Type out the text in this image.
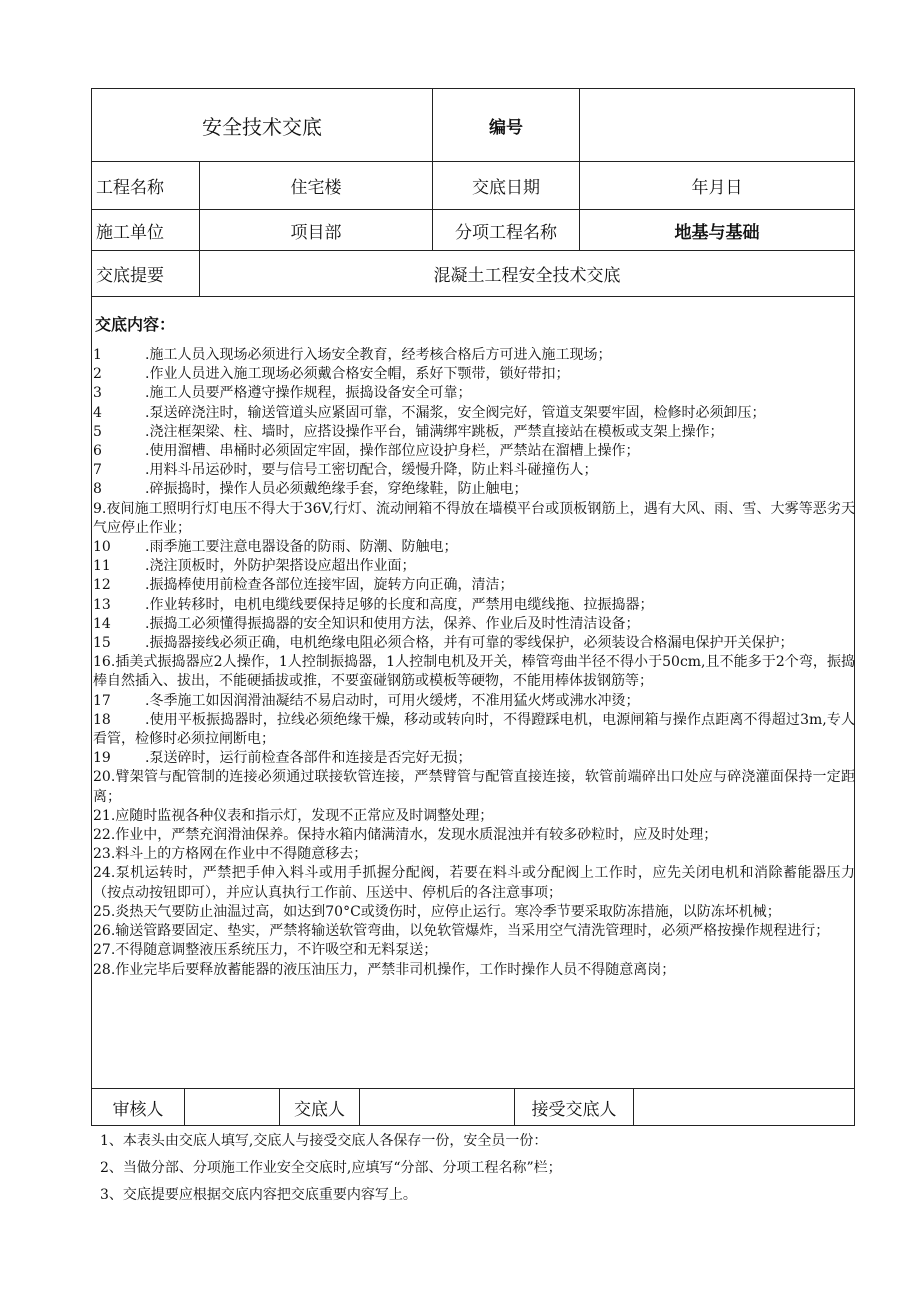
安全技术交底	编号
工程名称	住宅楼	交底日期	年月日
施工单位	项目部	分项工程名称	地基与基础
交底提要	混凝土工程安全技术交底
交底内容：
1	.施工人员入现场必须进行入场安全教育，经考核合格后方可进入施工现场；
2	.作业人员进入施工现场必须戴合格安全帽，系好下颚带，锁好带扣；
3	.施工人员要严格遵守操作规程，振捣设备安全可靠；
4	.泵送碎浇注时，输送管道头应紧固可靠，不漏浆，安全阀完好，管道支架要牢固，检修时必须卸压；
5	.浇注框架梁、柱、墙时，应搭设操作平台，铺满绑牢跳板，严禁直接站在模板或支架上操作；
6	.使用溜槽、串桶时必须固定牢固，操作部位应设护身栏，严禁站在溜槽上操作；
7	.用料斗吊运砂时，要与信号工密切配合，缓慢升降，防止料斗碰撞伤人；
8	.碎振捣时，操作人员必须戴绝缘手套，穿绝缘鞋，防止触电；
9.夜间施工照明行灯电压不得大于36V,行灯、流动闸箱不得放在墙模平台或顶板钢筋上，遇有大风、雨、雪、大雾等恶劣天气应停止作业；
10 .雨季施工要注意电器设备的防雨、防潮、防触电；
11 .浇注顶板时，外防护架搭设应超出作业面；
12 .振捣棒使用前检查各部位连接牢固，旋转方向正确，清洁；
13 .作业转移时，电机电缆线要保持足够的长度和高度，严禁用电缆线拖、拉振捣器；
14 .振捣工必须懂得振捣器的安全知识和使用方法，保养、作业后及时性清洁设备；
15 .振捣器接线必须正确，电机绝缘电阻必须合格，并有可靠的零线保护，必须装设合格漏电保护开关保护；
16.插美式振捣器应2人操作，1人控制振捣器，1人控制电机及开关，棒管弯曲半径不得小于50cm,且不能多于2个弯，振捣棒自然插入、拔出，不能硬插拔或推，不要蛮碰钢筋或模板等硬物，不能用棒体拔钢筋等；
17 .冬季施工如因润滑油凝结不易启动时，可用火缓烤，不准用猛火烤或沸水冲烫；
18 .使用平板振捣器时，拉线必须绝缘干燥，移动或转向时，不得蹬踩电机，电源闸箱与操作点距离不得超过3m,专人看管，检修时必须拉闸断电；
19 .泵送碎时，运行前检查各部件和连接是否完好无损；
20.臂架管与配管制的连接必须通过联接软管连接，严禁臂管与配管直接连接，软管前端碎出口处应与碎浇灌面保持一定距离；
21.应随时监视各种仪表和指示灯，发现不正常应及时调整处理；
22.作业中，严禁充润滑油保养。保持水箱内储满清水，发现水质混浊并有较多砂粒时，应及时处理；
23.料斗上的方格网在作业中不得随意移去；
24.泵机运转时，严禁把手伸入料斗或用手抓握分配阀，若要在料斗或分配阀上工作时，应先关闭电机和消除蓄能器压力（按点动按钮即可），并应认真执行工作前、压送中、停机后的各注意事项；
25.炎热天气要防止油温过高，如达到70°C或烫伤时，应停止运行。寒冷季节要采取防冻措施，以防冻坏机械；
26.输送管路要固定、垫实，严禁将输送软管弯曲，以免软管爆炸，当采用空气清洗管理时，必须严格按操作规程进行；
27.不得随意调整液压系统压力，不许吸空和无料泵送；
28.作业完毕后要释放蓄能器的液压油压力，严禁非司机操作，工作时操作人员不得随意离岗；
审核人	交底人	接受交底人
1、本表头由交底人填写,交底人与接受交底人各保存一份，安全员一份：
2、当做分部、分项施工作业安全交底时,应填写“分部、分项工程名称”栏；
3、交底提要应根据交底内容把交底重要内容写上。
